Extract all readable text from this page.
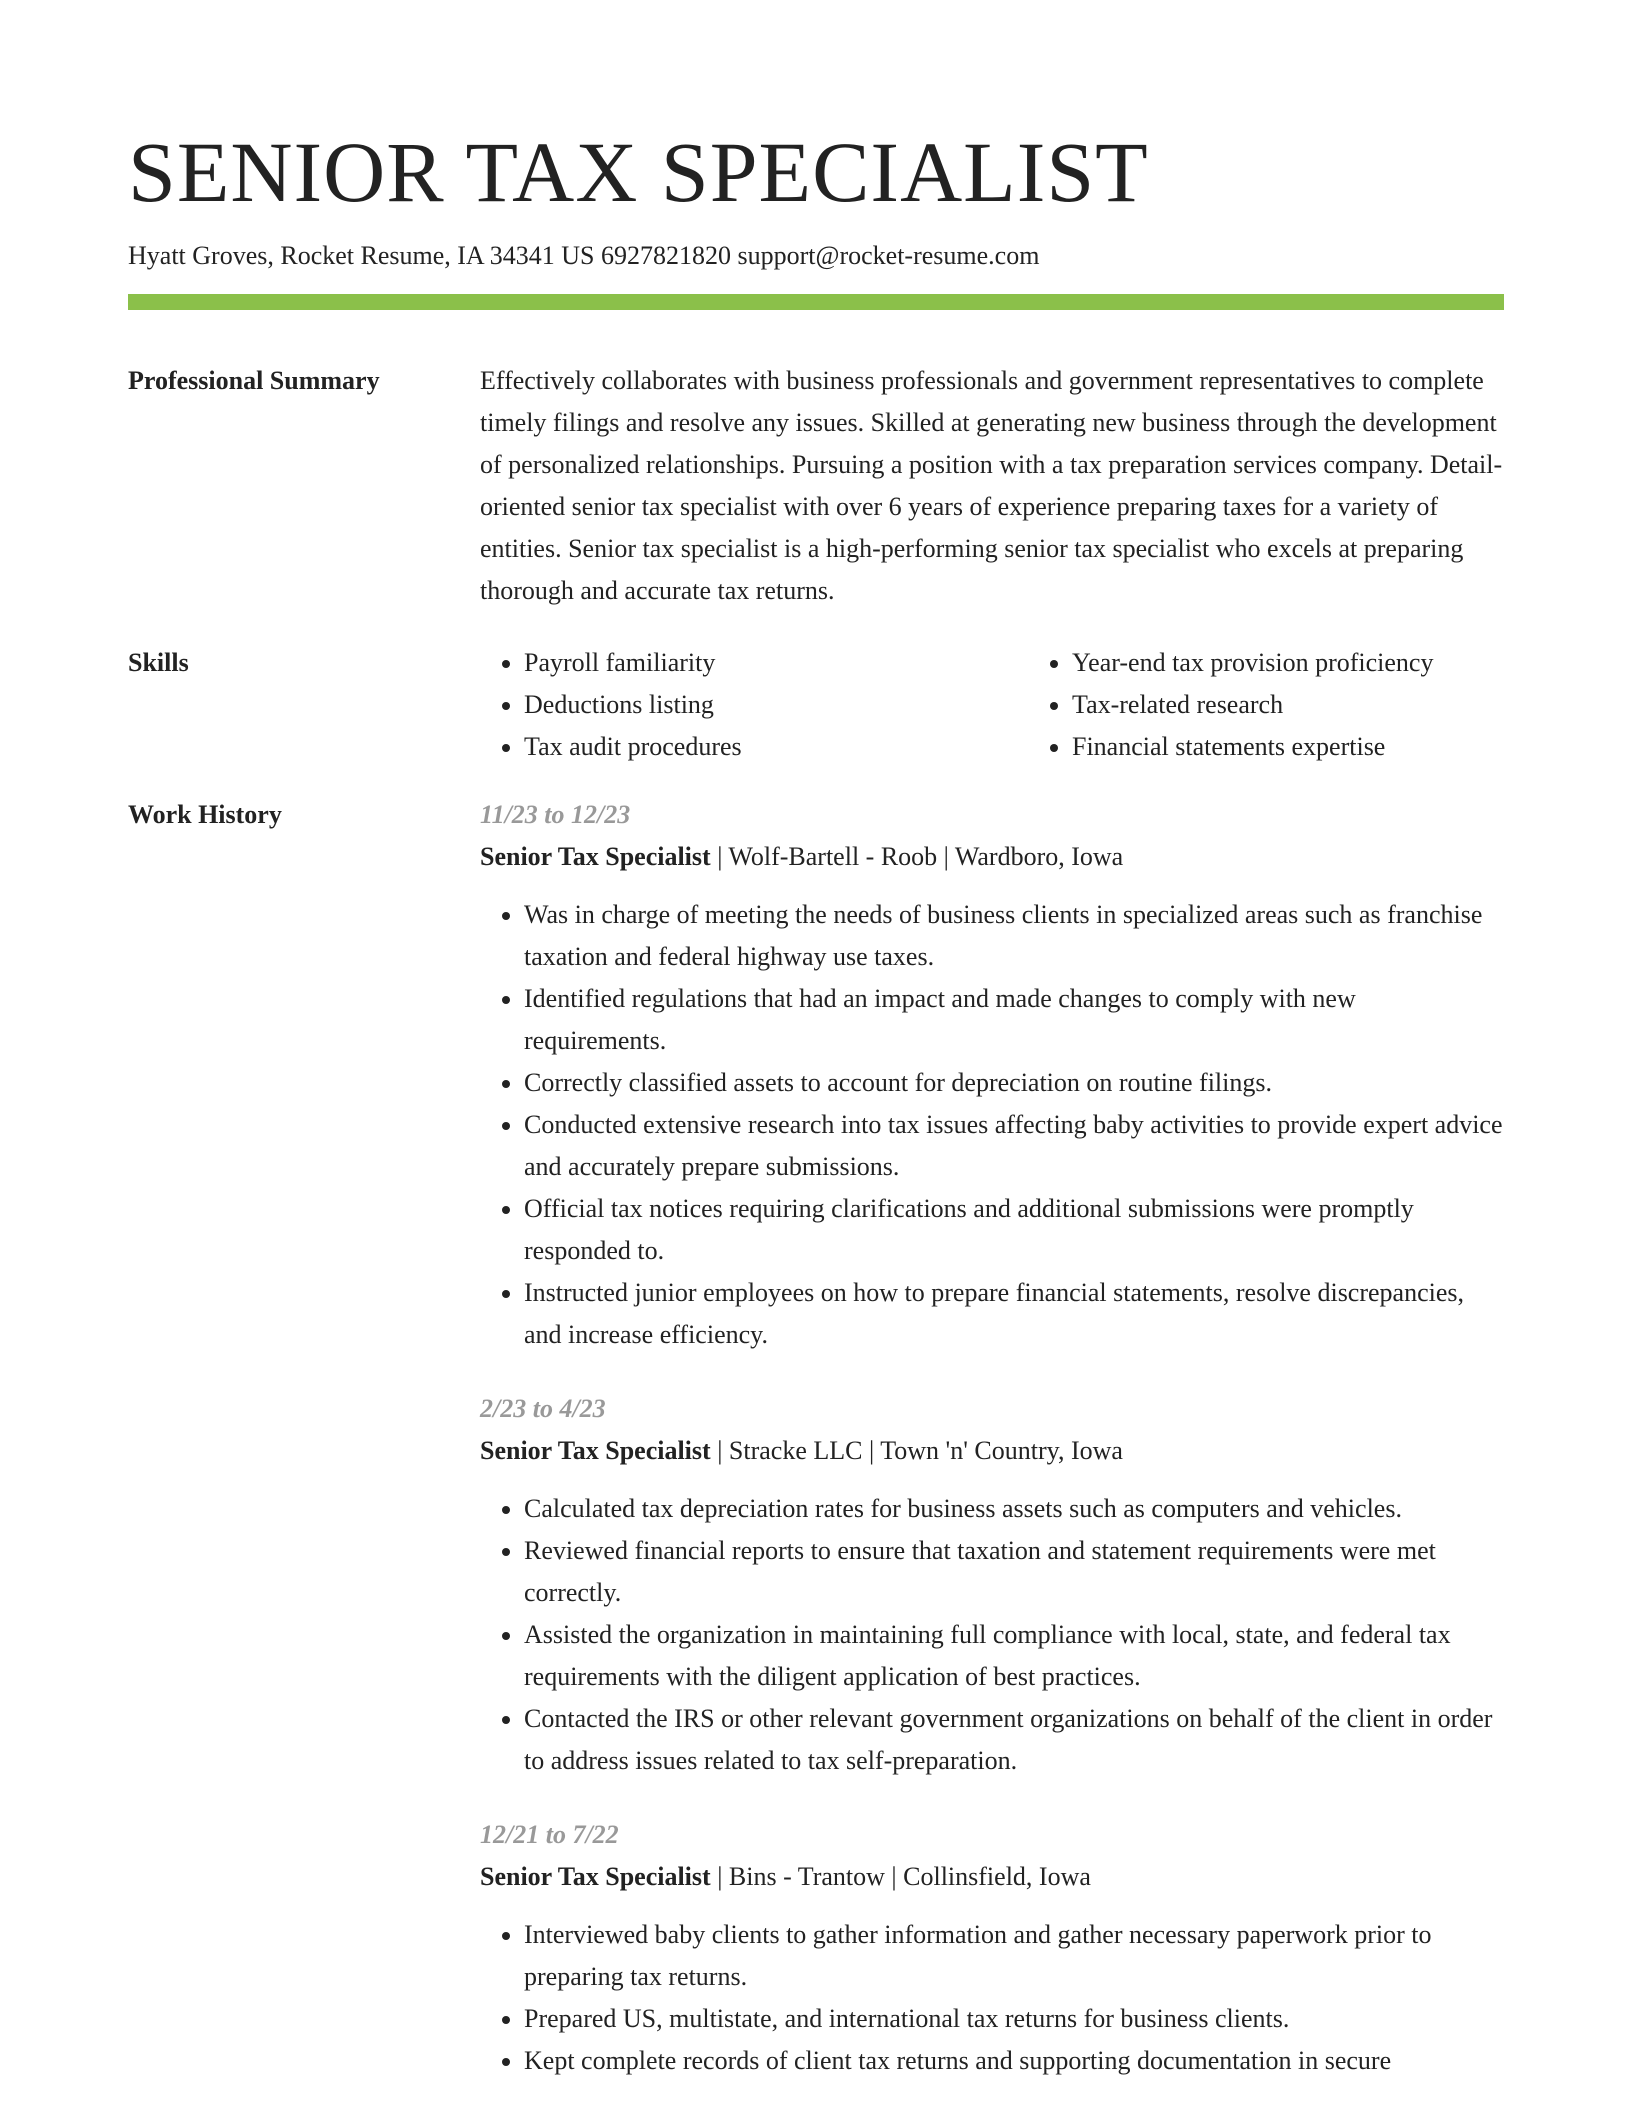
SENIOR TAX SPECIALIST
Hyatt Groves, Rocket Resume, IA 34341 US 6927821820 support@rocket-resume.com
Professional Summary	Effectively collaborates with business professionals and government representatives to complete timely filings and resolve any issues. Skilled at generating new business through the development of personalized relationships. Pursuing a position with a tax preparation services company. Detail-oriented senior tax specialist with over 6 years of experience preparing taxes for a variety of entities. Senior tax specialist is a high-performing senior tax specialist who excels at preparing thorough and accurate tax returns.

Skills
•	Payroll familiarity
• Deductions listing
• Tax audit procedures
• Year-end tax provision proficiency
• Tax-related research
• Financial statements expertise
Work History	11/23 to 12/23
Senior Tax Specialist | Wolf-Bartell - Roob | Wardboro, Iowa
• Was in charge of meeting the needs of business clients in specialized areas such as franchise taxation and federal highway use taxes.
• Identified regulations that had an impact and made changes to comply with new requirements.
• Correctly classified assets to account for depreciation on routine filings.
• Conducted extensive research into tax issues affecting baby activities to provide expert advice and accurately prepare submissions.
• Official tax notices requiring clarifications and additional submissions were promptly responded to.
• Instructed junior employees on how to prepare financial statements, resolve discrepancies, and increase efficiency.
2/23 to 4/23
Senior Tax Specialist | Stracke LLC | Town 'n' Country, Iowa
• Calculated tax depreciation rates for business assets such as computers and vehicles.
• Reviewed financial reports to ensure that taxation and statement requirements were met correctly.
• Assisted the organization in maintaining full compliance with local, state, and federal tax requirements with the diligent application of best practices.
• Contacted the IRS or other relevant government organizations on behalf of the client in order to address issues related to tax self-preparation.
12/21 to 7/22
Senior Tax Specialist | Bins - Trantow | Collinsfield, Iowa
• Interviewed baby clients to gather information and gather necessary paperwork prior to preparing tax returns.
• Prepared US, multistate, and international tax returns for business clients.
• Kept complete records of client tax returns and supporting documentation in secure
